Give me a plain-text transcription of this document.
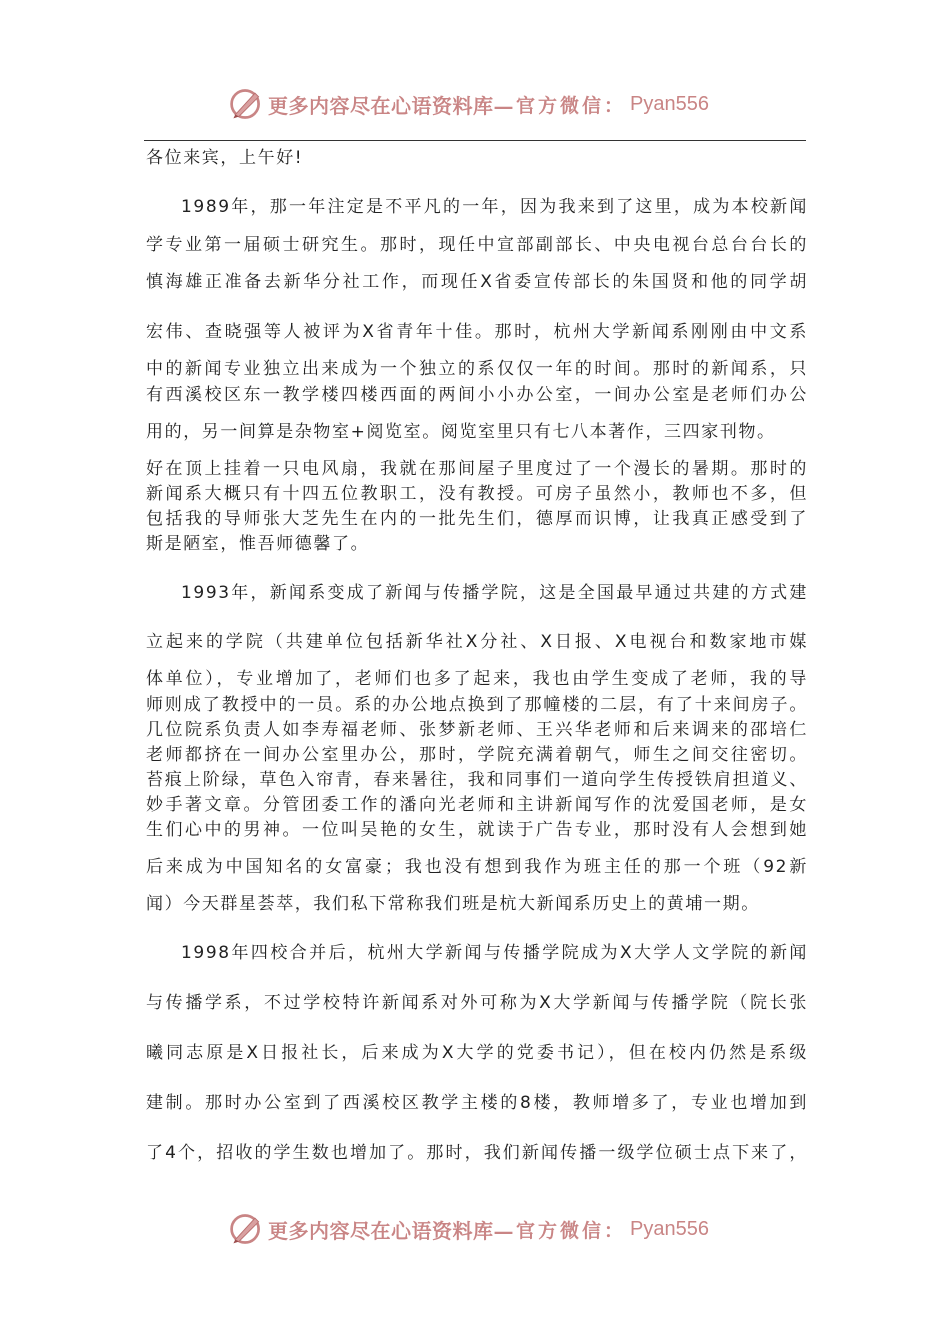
更多内容尽在心语资料库— 官方微信： Pyan556
各位来宾，上午好!
1989年，那一年注定是不平凡的一年，因为我来到了这里，成为本校新闻
学专业第一届硕士研究生。那时，现任中宣部副部长、中央电视台总台台长的
慎海雄正准备去新华分社工作，而现任X省委宣传部长的朱国贤和他的同学胡
宏伟、查晓强等人被评为X省青年十佳。那时，杭州大学新闻系刚刚由中文系
中的新闻专业独立出来成为一个独立的系仅仅一年的时间。那时的新闻系，只
有西溪校区东一教学楼四楼西面的两间小小办公室，一间办公室是老师们办公
用的，另一间算是杂物室+阅览室。阅览室里只有七八本著作，三四家刊物。
好在顶上挂着一只电风扇，我就在那间屋子里度过了一个漫长的暑期。那时的
新闻系大概只有十四五位教职工，没有教授。可房子虽然小，教师也不多，但
包括我的导师张大芝先生在内的一批先生们，德厚而识博，让我真正感受到了
斯是陋室，惟吾师德馨了。
1993年，新闻系变成了新闻与传播学院，这是全国最早通过共建的方式建
立起来的学院（共建单位包括新华社X分社、X日报、X电视台和数家地市媒
体单位），专业增加了，老师们也多了起来，我也由学生变成了老师，我的导
师则成了教授中的一员。系的办公地点换到了那幢楼的二层，有了十来间房子。
几位院系负责人如李寿福老师、张梦新老师、王兴华老师和后来调来的邵培仁
老师都挤在一间办公室里办公，那时，学院充满着朝气，师生之间交往密切。
苔痕上阶绿，草色入帘青，春来暑往，我和同事们一道向学生传授铁肩担道义、
妙手著文章。分管团委工作的潘向光老师和主讲新闻写作的沈爱国老师，是女
生们心中的男神。一位叫吴艳的女生，就读于广告专业，那时没有人会想到她
后来成为中国知名的女富豪；我也没有想到我作为班主任的那一个班（92新
闻）今天群星荟萃，我们私下常称我们班是杭大新闻系历史上的黄埔一期。
1998年四校合并后，杭州大学新闻与传播学院成为X大学人文学院的新闻
与传播学系，不过学校特许新闻系对外可称为X大学新闻与传播学院（院长张
曦同志原是X日报社长，后来成为X大学的党委书记），但在校内仍然是系级
建制。那时办公室到了西溪校区教学主楼的8楼，教师增多了，专业也增加到
了4个，招收的学生数也增加了。那时，我们新闻传播一级学位硕士点下来了，
更多内容尽在心语资料库— 官方微信： Pyan556
